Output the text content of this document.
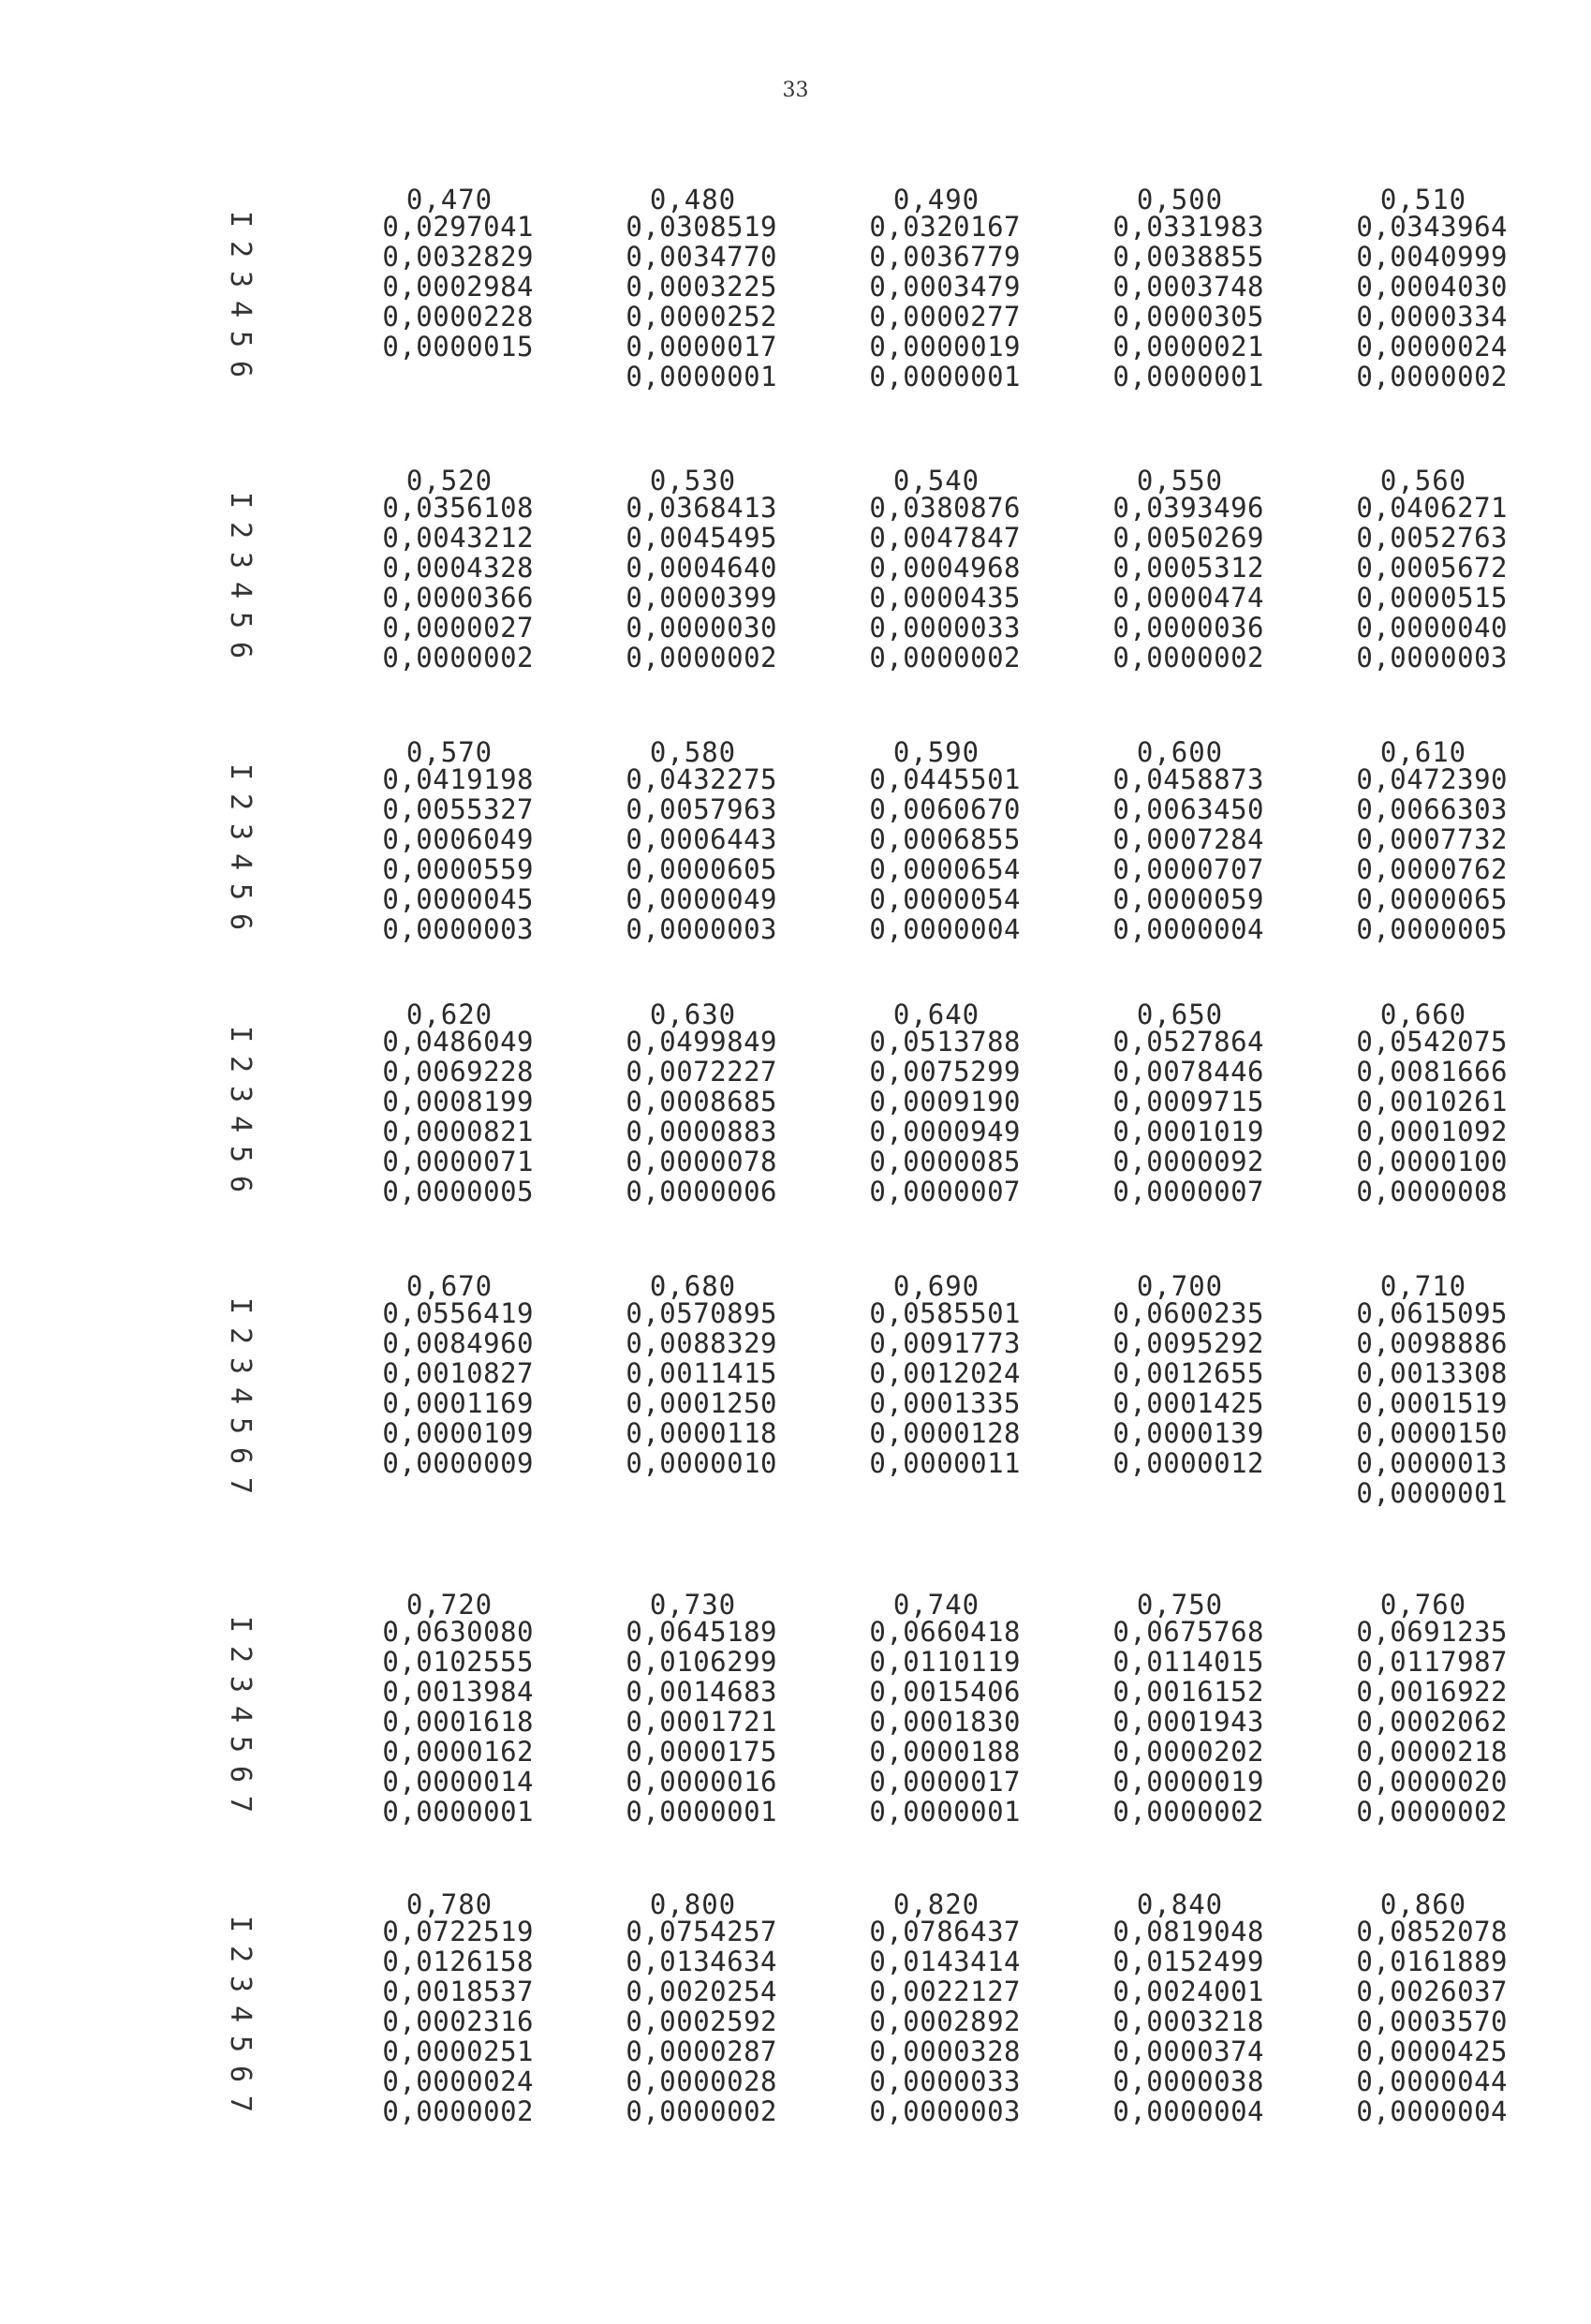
33
I
2
3
4
5
6
0,470
0,0297041
0,0032829
0,0002984
0,0000228
0,0000015
0,480
0,0308519
0,0034770
0,0003225
0,0000252
0,0000017
0,0000001
0,490
0,0320167
0,0036779
0,0003479
0,0000277
0,0000019
0,0000001
0,500
0,0331983
0,0038855
0,0003748
0,0000305
0,0000021
0,0000001
0,510
0,0343964
0,0040999
0,0004030
0,0000334
0,0000024
0,0000002
I
2
3
4
5
6
0,520
0,0356108
0,0043212
0,0004328
0,0000366
0,0000027
0,0000002
0,530
0,0368413
0,0045495
0,0004640
0,0000399
0,0000030
0,0000002
0,540
0,0380876
0,0047847
0,0004968
0,0000435
0,0000033
0,0000002
0,550
0,0393496
0,0050269
0,0005312
0,0000474
0,0000036
0,0000002
0,560
0,0406271
0,0052763
0,0005672
0,0000515
0,0000040
0,0000003
I
2
3
4
5
6
0,570
0,0419198
0,0055327
0,0006049
0,0000559
0,0000045
0,0000003
0,580
0,0432275
0,0057963
0,0006443
0,0000605
0,0000049
0,0000003
0,590
0,0445501
0,0060670
0,0006855
0,0000654
0,0000054
0,0000004
0,600
0,0458873
0,0063450
0,0007284
0,0000707
0,0000059
0,0000004
0,610
0,0472390
0,0066303
0,0007732
0,0000762
0,0000065
0,0000005
I
2
3
4
5
6
0,620
0,0486049
0,0069228
0,0008199
0,0000821
0,0000071
0,0000005
0,630
0,0499849
0,0072227
0,0008685
0,0000883
0,0000078
0,0000006
0,640
0,0513788
0,0075299
0,0009190
0,0000949
0,0000085
0,0000007
0,650
0,0527864
0,0078446
0,0009715
0,0001019
0,0000092
0,0000007
0,660
0,0542075
0,0081666
0,0010261
0,0001092
0,0000100
0,0000008
I
2
3
4
5
6
7
0,670
0,0556419
0,0084960
0,0010827
0,0001169
0,0000109
0,0000009
0,680
0,0570895
0,0088329
0,0011415
0,0001250
0,0000118
0,0000010
0,690
0,0585501
0,0091773
0,0012024
0,0001335
0,0000128
0,0000011
0,700
0,0600235
0,0095292
0,0012655
0,0001425
0,0000139
0,0000012
0,710
0,0615095
0,0098886
0,0013308
0,0001519
0,0000150
0,0000013
0,0000001
I
2
3
4
5
6
7
0,720
0,0630080
0,0102555
0,0013984
0,0001618
0,0000162
0,0000014
0,0000001
0,730
0,0645189
0,0106299
0,0014683
0,0001721
0,0000175
0,0000016
0,0000001
0,740
0,0660418
0,0110119
0,0015406
0,0001830
0,0000188
0,0000017
0,0000001
0,750
0,0675768
0,0114015
0,0016152
0,0001943
0,0000202
0,0000019
0,0000002
0,760
0,0691235
0,0117987
0,0016922
0,0002062
0,0000218
0,0000020
0,0000002
I
2
3
4
5
6
7
0,780
0,0722519
0,0126158
0,0018537
0,0002316
0,0000251
0,0000024
0,0000002
0,800
0,0754257
0,0134634
0,0020254
0,0002592
0,0000287
0,0000028
0,0000002
0,820
0,0786437
0,0143414
0,0022127
0,0002892
0,0000328
0,0000033
0,0000003
0,840
0,0819048
0,0152499
0,0024001
0,0003218
0,0000374
0,0000038
0,0000004
0,860
0,0852078
0,0161889
0,0026037
0,0003570
0,0000425
0,0000044
0,0000004
